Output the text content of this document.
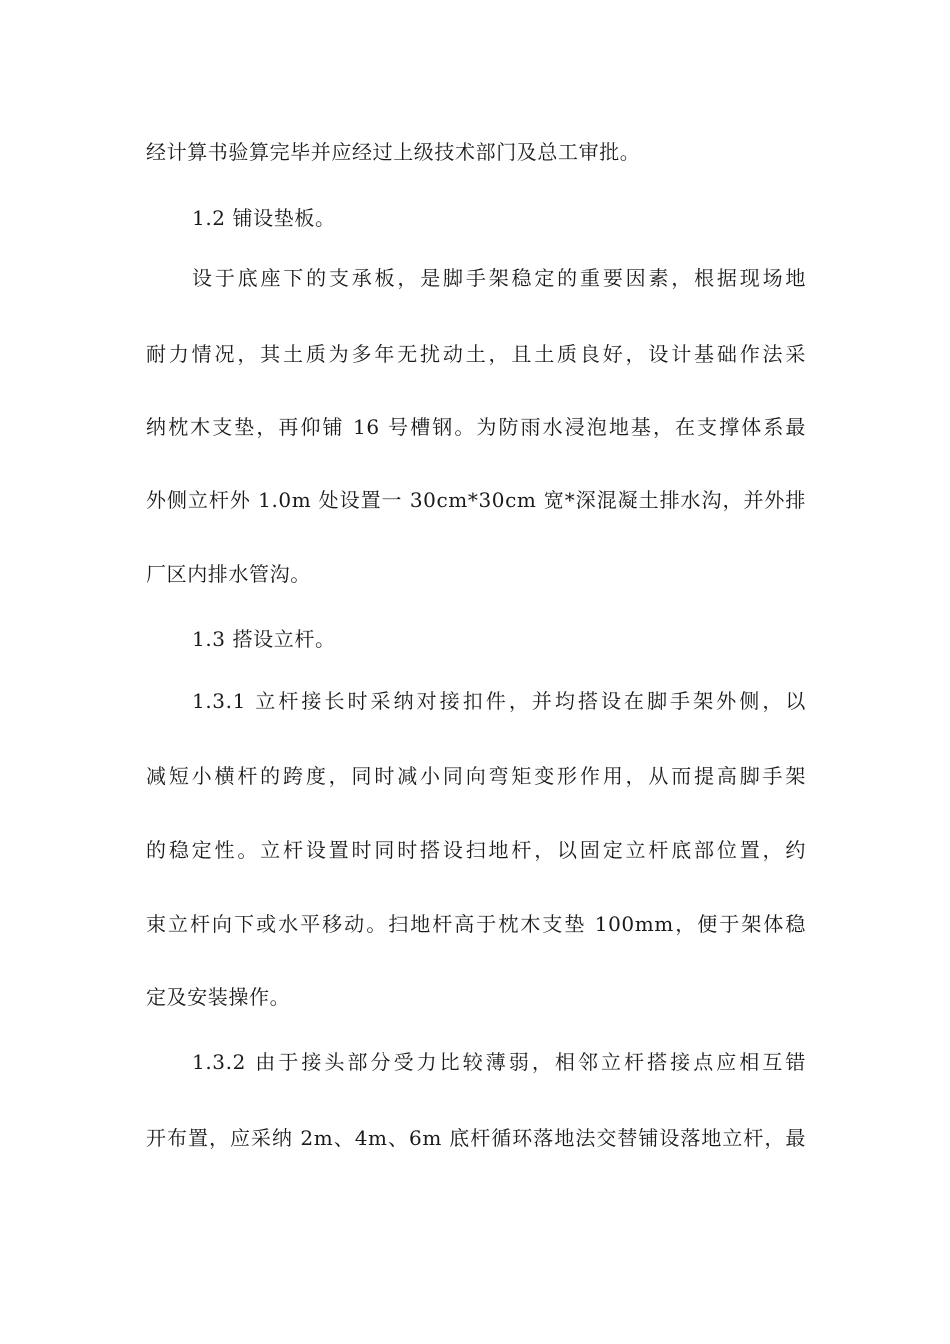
经计算书验算完毕并应经过上级技术部门及总工审批。
1.2 铺设垫板。
设于底座下的支承板，是脚手架稳定的重要因素，根据现场地
耐力情况，其土质为多年无扰动土，且土质良好，设计基础作法采
纳枕木支垫，再仰铺 16 号槽钢。为防雨水浸泡地基，在支撑体系最
外侧立杆外 1.0m 处设置一 30cm*30cm 宽*深混凝土排水沟，并外排
厂区内排水管沟。
1.3 搭设立杆。
1.3.1 立杆接长时采纳对接扣件，并均搭设在脚手架外侧，以
减短小横杆的跨度，同时减小同向弯矩变形作用，从而提高脚手架
的稳定性。立杆设置时同时搭设扫地杆，以固定立杆底部位置，约
束立杆向下或水平移动。扫地杆高于枕木支垫 100mm，便于架体稳
定及安装操作。
1.3.2 由于接头部分受力比较薄弱，相邻立杆搭接点应相互错
开布置，应采纳 2m、4m、6m 底杆循环落地法交替铺设落地立杆，最
